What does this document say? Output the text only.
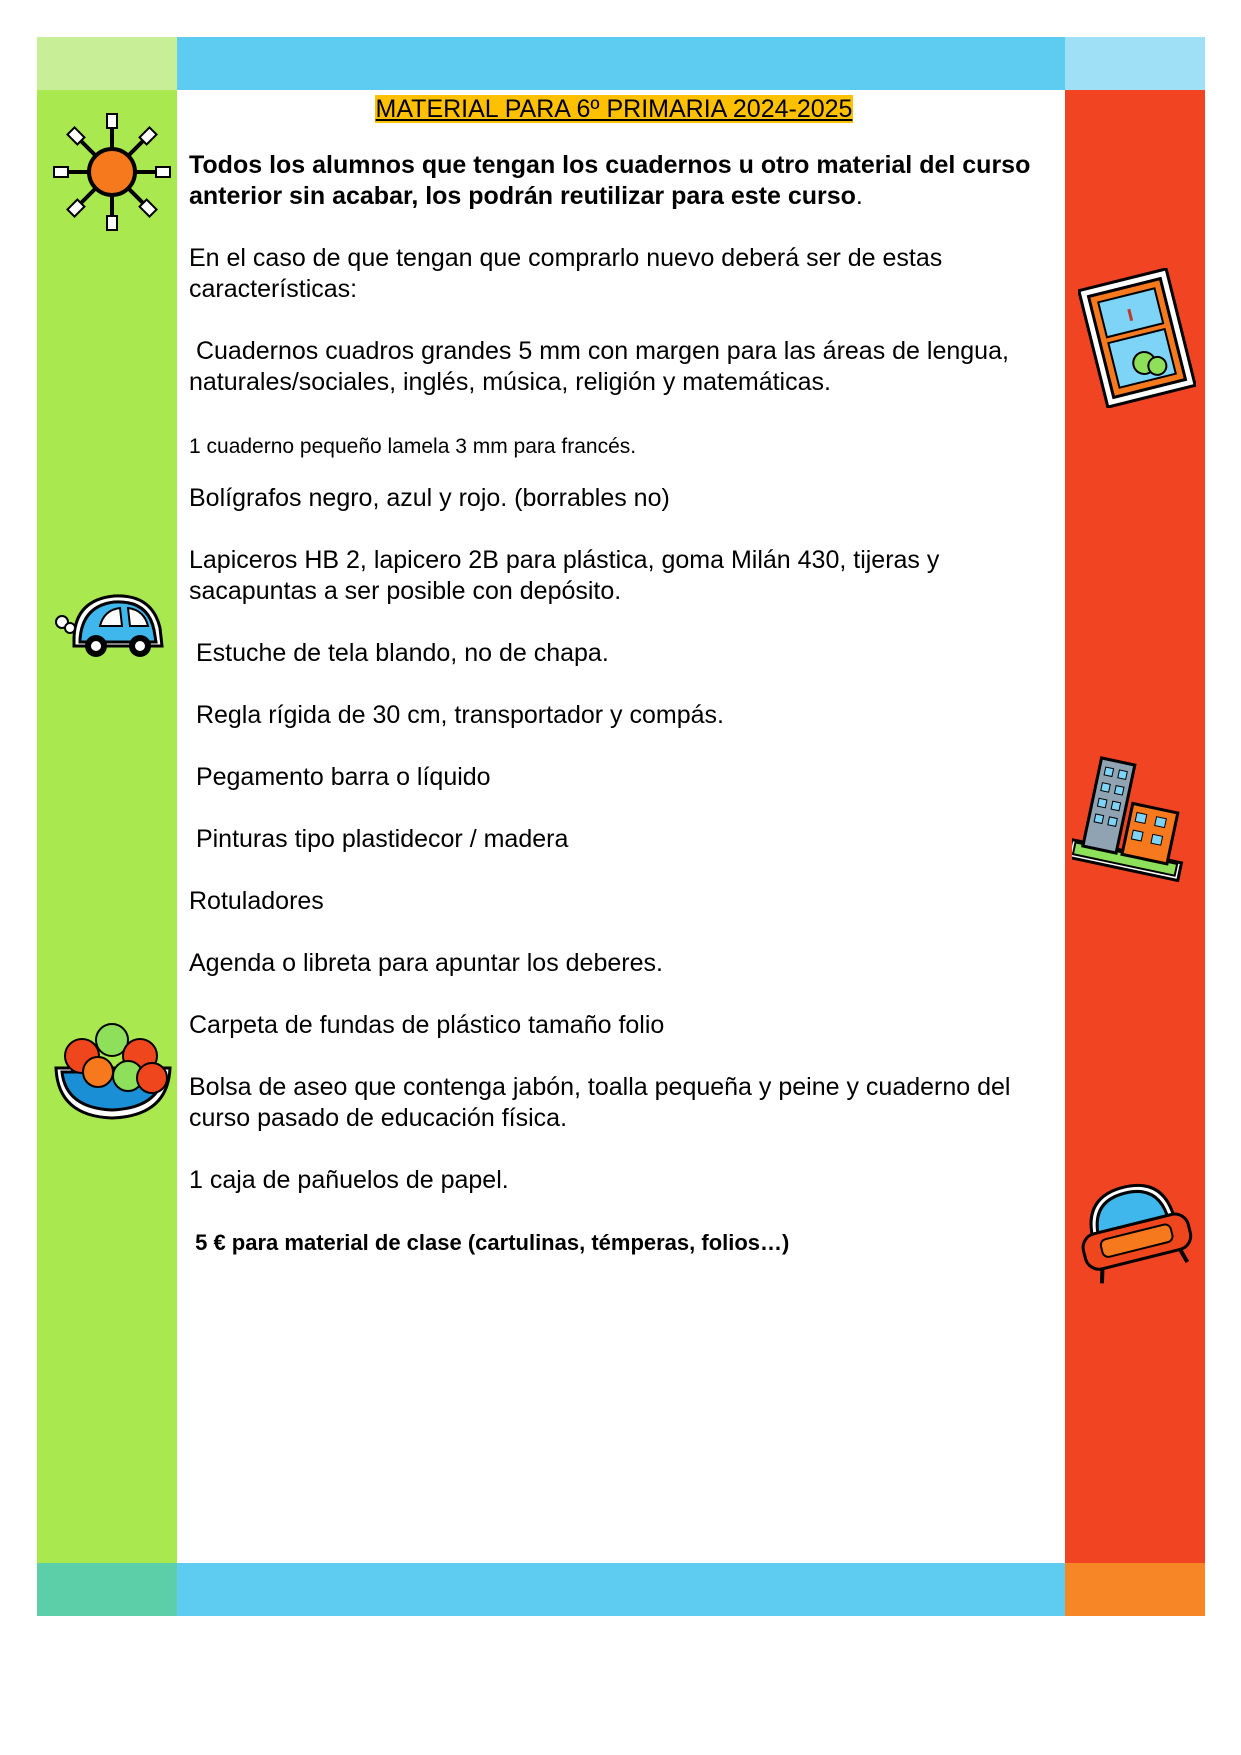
MATERIAL PARA 6º PRIMARIA 2024-2025
Todos los alumnos que tengan los cuadernos u otro material del curso anterior sin acabar, los podrán reutilizar para este curso.
En el caso de que tengan que comprarlo nuevo deberá ser de estas características:
Cuadernos cuadros grandes 5 mm con margen para las áreas de lengua, naturales/sociales, inglés, música, religión y matemáticas.
1 cuaderno pequeño lamela 3 mm para francés.
Bolígrafos negro, azul y rojo. (borrables no)
Lapiceros HB 2, lapicero 2B para plástica, goma Milán 430, tijeras y sacapuntas a ser posible con depósito.
Estuche de tela blando, no de chapa.
Regla rígida de 30 cm, transportador y compás.
Pegamento barra o líquido
Pinturas tipo plastidecor / madera
Rotuladores
Agenda o libreta para apuntar los deberes.
Carpeta de fundas de plástico tamaño folio
Bolsa de aseo que contenga jabón, toalla pequeña y peine y cuaderno del curso pasado de educación física.
1 caja de pañuelos de papel.
5 € para material de clase (cartulinas, témperas, folios…)
